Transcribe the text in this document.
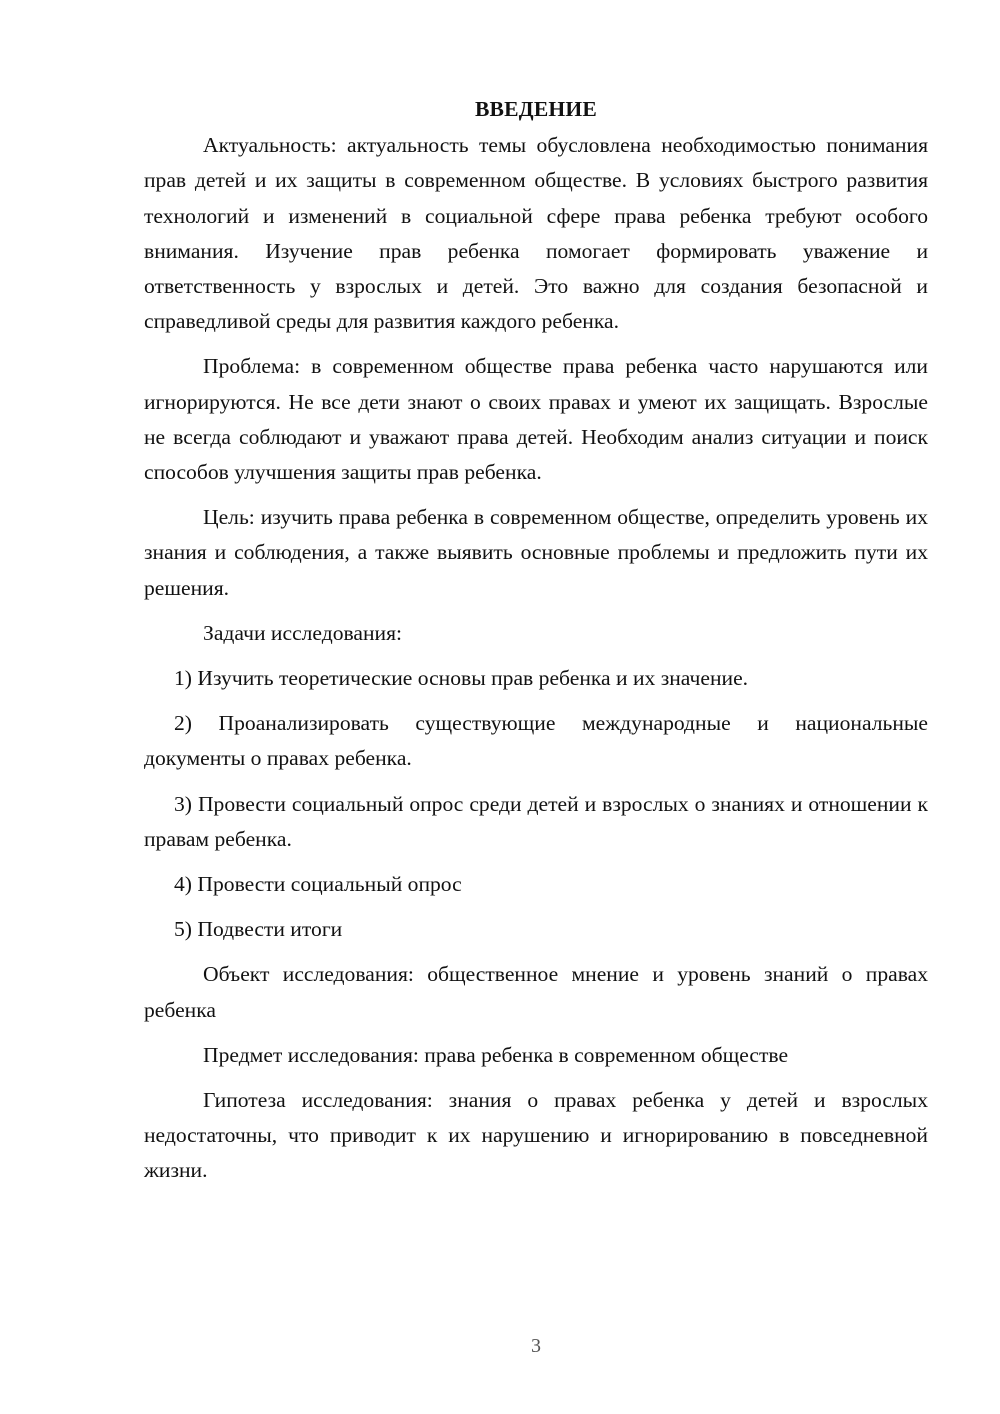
ВВЕДЕНИЕ

Актуальность: актуальность темы обусловлена необходимостью понимания прав детей и их защиты в современном обществе. В условиях быстрого развития технологий и изменений в социальной сфере права ребенка требуют особого внимания. Изучение прав ребенка помогает формировать уважение и ответственность у взрослых и детей. Это важно для создания безопасной и справедливой среды для развития каждого ребенка.

Проблема: в современном обществе права ребенка часто нарушаются или игнорируются. Не все дети знают о своих правах и умеют их защищать. Взрослые не всегда соблюдают и уважают права детей. Необходим анализ ситуации и поиск способов улучшения защиты прав ребенка.

Цель: изучить права ребенка в современном обществе, определить уровень их знания и соблюдения, а также выявить основные проблемы и предложить пути их решения.

Задачи исследования:

1) Изучить теоретические основы прав ребенка и их значение.

2) Проанализировать существующие международные и национальные документы о правах ребенка.

3) Провести социальный опрос среди детей и взрослых о знаниях и отношении к правам ребенка.

4) Провести социальный опрос

5) Подвести итоги

Объект исследования: общественное мнение и уровень знаний о правах ребенка

Предмет исследования: права ребенка в современном обществе

Гипотеза исследования: знания о правах ребенка у детей и взрослых недостаточны, что приводит к их нарушению и игнорированию в повседневной жизни.

3
